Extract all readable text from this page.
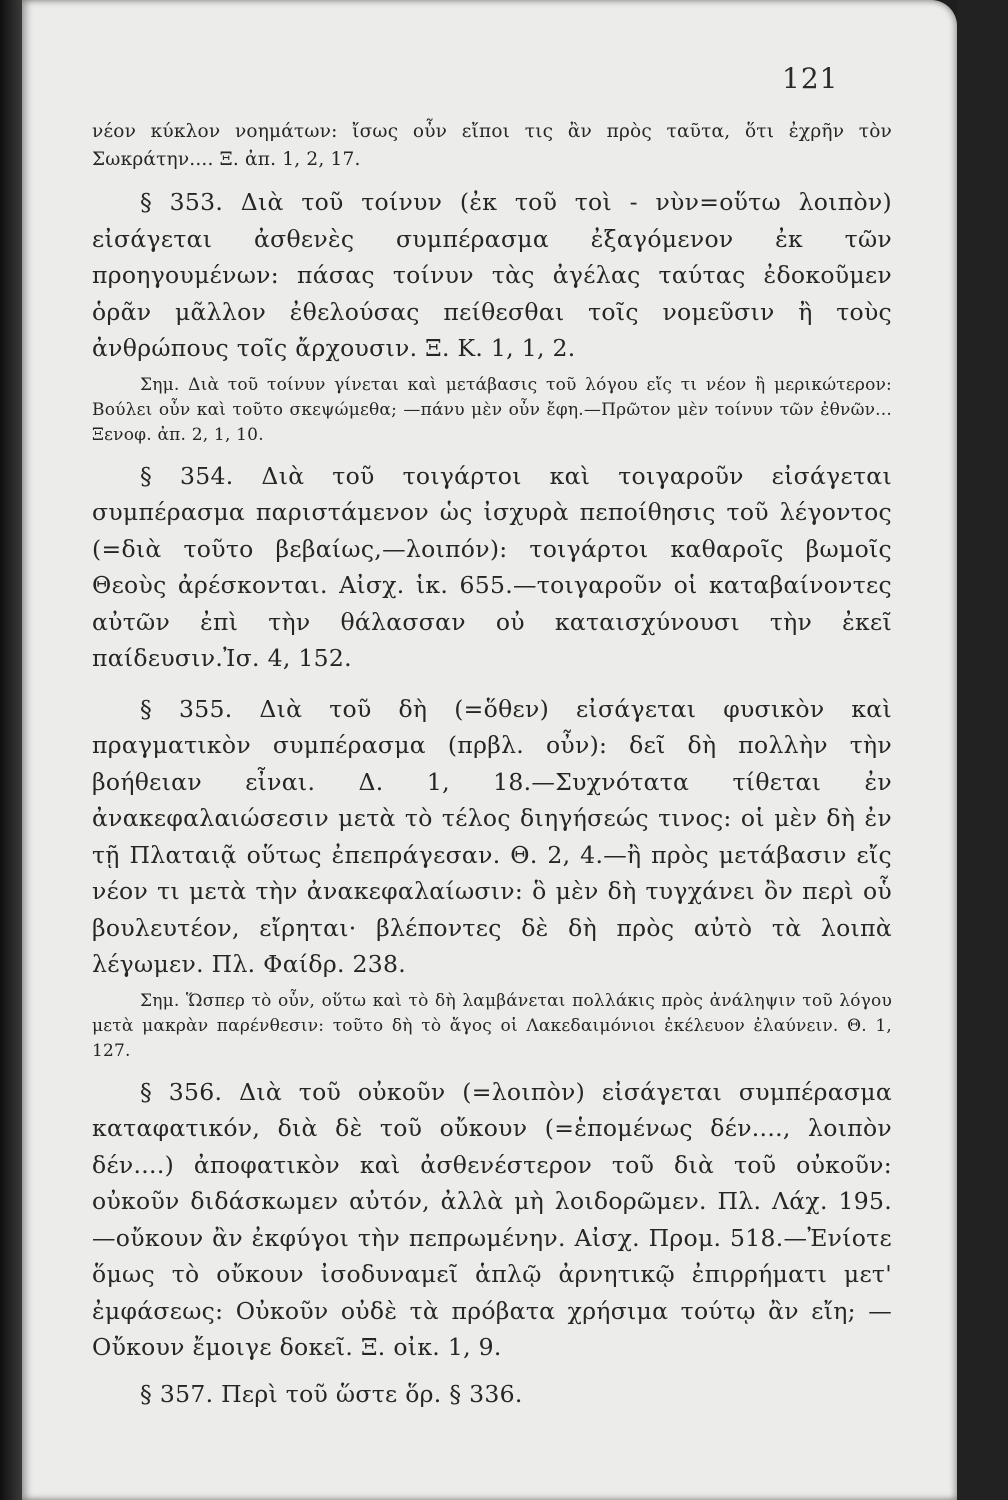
121

νέον κύκλον νοημάτων: ἴσως οὖν εἴποι τις ἂν πρὸς ταῦτα, ὅτι ἐχρῆν τὸν Σωκράτην.... Ξ. ἀπ. 1, 2, 17.

§ 353. Διὰ τοῦ τοίνυν (ἐκ τοῦ τοὶ - νὺν=οὕτω λοιπὸν) εἰσάγεται ἀσθενὲς συμπέρασμα ἐξαγόμενον ἐκ τῶν προηγουμένων: πάσας τοίνυν τὰς ἀγέλας ταύτας ἐδοκοῦμεν ὁρᾶν μᾶλλον ἐθελούσας πείθεσθαι τοῖς νομεῦσιν ἢ τοὺς ἀνθρώπους τοῖς ἄρχουσιν. Ξ. Κ. 1, 1, 2.

Σημ. Διὰ τοῦ τοίνυν γίνεται καὶ μετάβασις τοῦ λόγου εἴς τι νέον ἢ μερικώτερον: Βούλει οὖν καὶ τοῦτο σκεψώμεθα; —πάνυ μὲν οὖν ἔφη.—Πρῶτον μὲν τοίνυν τῶν ἐθνῶν... Ξενοφ. ἀπ. 2, 1, 10.

§ 354. Διὰ τοῦ τοιγάρτοι καὶ τοιγαροῦν εἰσάγεται συμπέρασμα παριστάμενον ὡς ἰσχυρὰ πεποίθησις τοῦ λέγοντος (=διὰ τοῦτο βεβαίως,—λοιπόν): τοιγάρτοι καθαροῖς βωμοῖς Θεοὺς ἀρέσκονται. Αἰσχ. ἱκ. 655.—τοιγαροῦν οἱ καταβαίνοντες αὐτῶν ἐπὶ τὴν θάλασσαν οὐ καταισχύνουσι τὴν ἐκεῖ παίδευσιν.Ἰσ. 4, 152.

§ 355. Διὰ τοῦ δὴ (=ὅθεν) εἰσάγεται φυσικὸν καὶ πραγματικὸν συμπέρασμα (πρβλ. οὖν): δεῖ δὴ πολλὴν τὴν βοήθειαν εἶναι. Δ. 1, 18.—Συχνότατα τίθεται ἐν ἀνακεφαλαιώσεσιν μετὰ τὸ τέλος διηγήσεώς τινος: οἱ μὲν δὴ ἐν τῇ Πλαταιᾷ οὕτως ἐπεπράγεσαν. Θ. 2, 4.—ἢ πρὸς μετάβασιν εἴς νέον τι μετὰ τὴν ἀνακεφαλαίωσιν: ὃ μὲν δὴ τυγχάνει ὂν περὶ οὗ βουλευτέον, εἴρηται· βλέποντες δὲ δὴ πρὸς αὐτὸ τὰ λοιπὰ λέγωμεν. Πλ. Φαίδρ. 238.

Σημ. Ὥσπερ τὸ οὖν, οὕτω καὶ τὸ δὴ λαμβάνεται πολλάκις πρὸς ἀνάληψιν τοῦ λόγου μετὰ μακρὰν παρένθεσιν: τοῦτο δὴ τὸ ἄγος οἱ Λακεδαιμόνιοι ἐκέλευον ἐλαύνειν. Θ. 1, 127.

§ 356. Διὰ τοῦ οὐκοῦν (=λοιπὸν) εἰσάγεται συμπέρασμα καταφατικόν, διὰ δὲ τοῦ οὔκουν (=ἑπομένως δέν...., λοιπὸν δέν....) ἀποφατικὸν καὶ ἀσθενέστερον τοῦ διὰ τοῦ οὐκοῦν: οὐκοῦν διδάσκωμεν αὐτόν, ἀλλὰ μὴ λοιδορῶμεν. Πλ. Λάχ. 195.—οὔκουν ἂν ἐκφύγοι τὴν πεπρωμένην. Αἰσχ. Προμ. 518.—Ἐνίοτε ὅμως τὸ οὔκουν ἰσοδυναμεῖ ἁπλῷ ἀρνητικῷ ἐπιρρήματι μετ' ἐμφάσεως: Οὐκοῦν οὐδὲ τὰ πρόβατα χρήσιμα τούτῳ ἂν εἴη; —Οὔκουν ἔμοιγε δοκεῖ. Ξ. οἰκ. 1, 9.

§ 357. Περὶ τοῦ ὥστε ὅρ. § 336.
